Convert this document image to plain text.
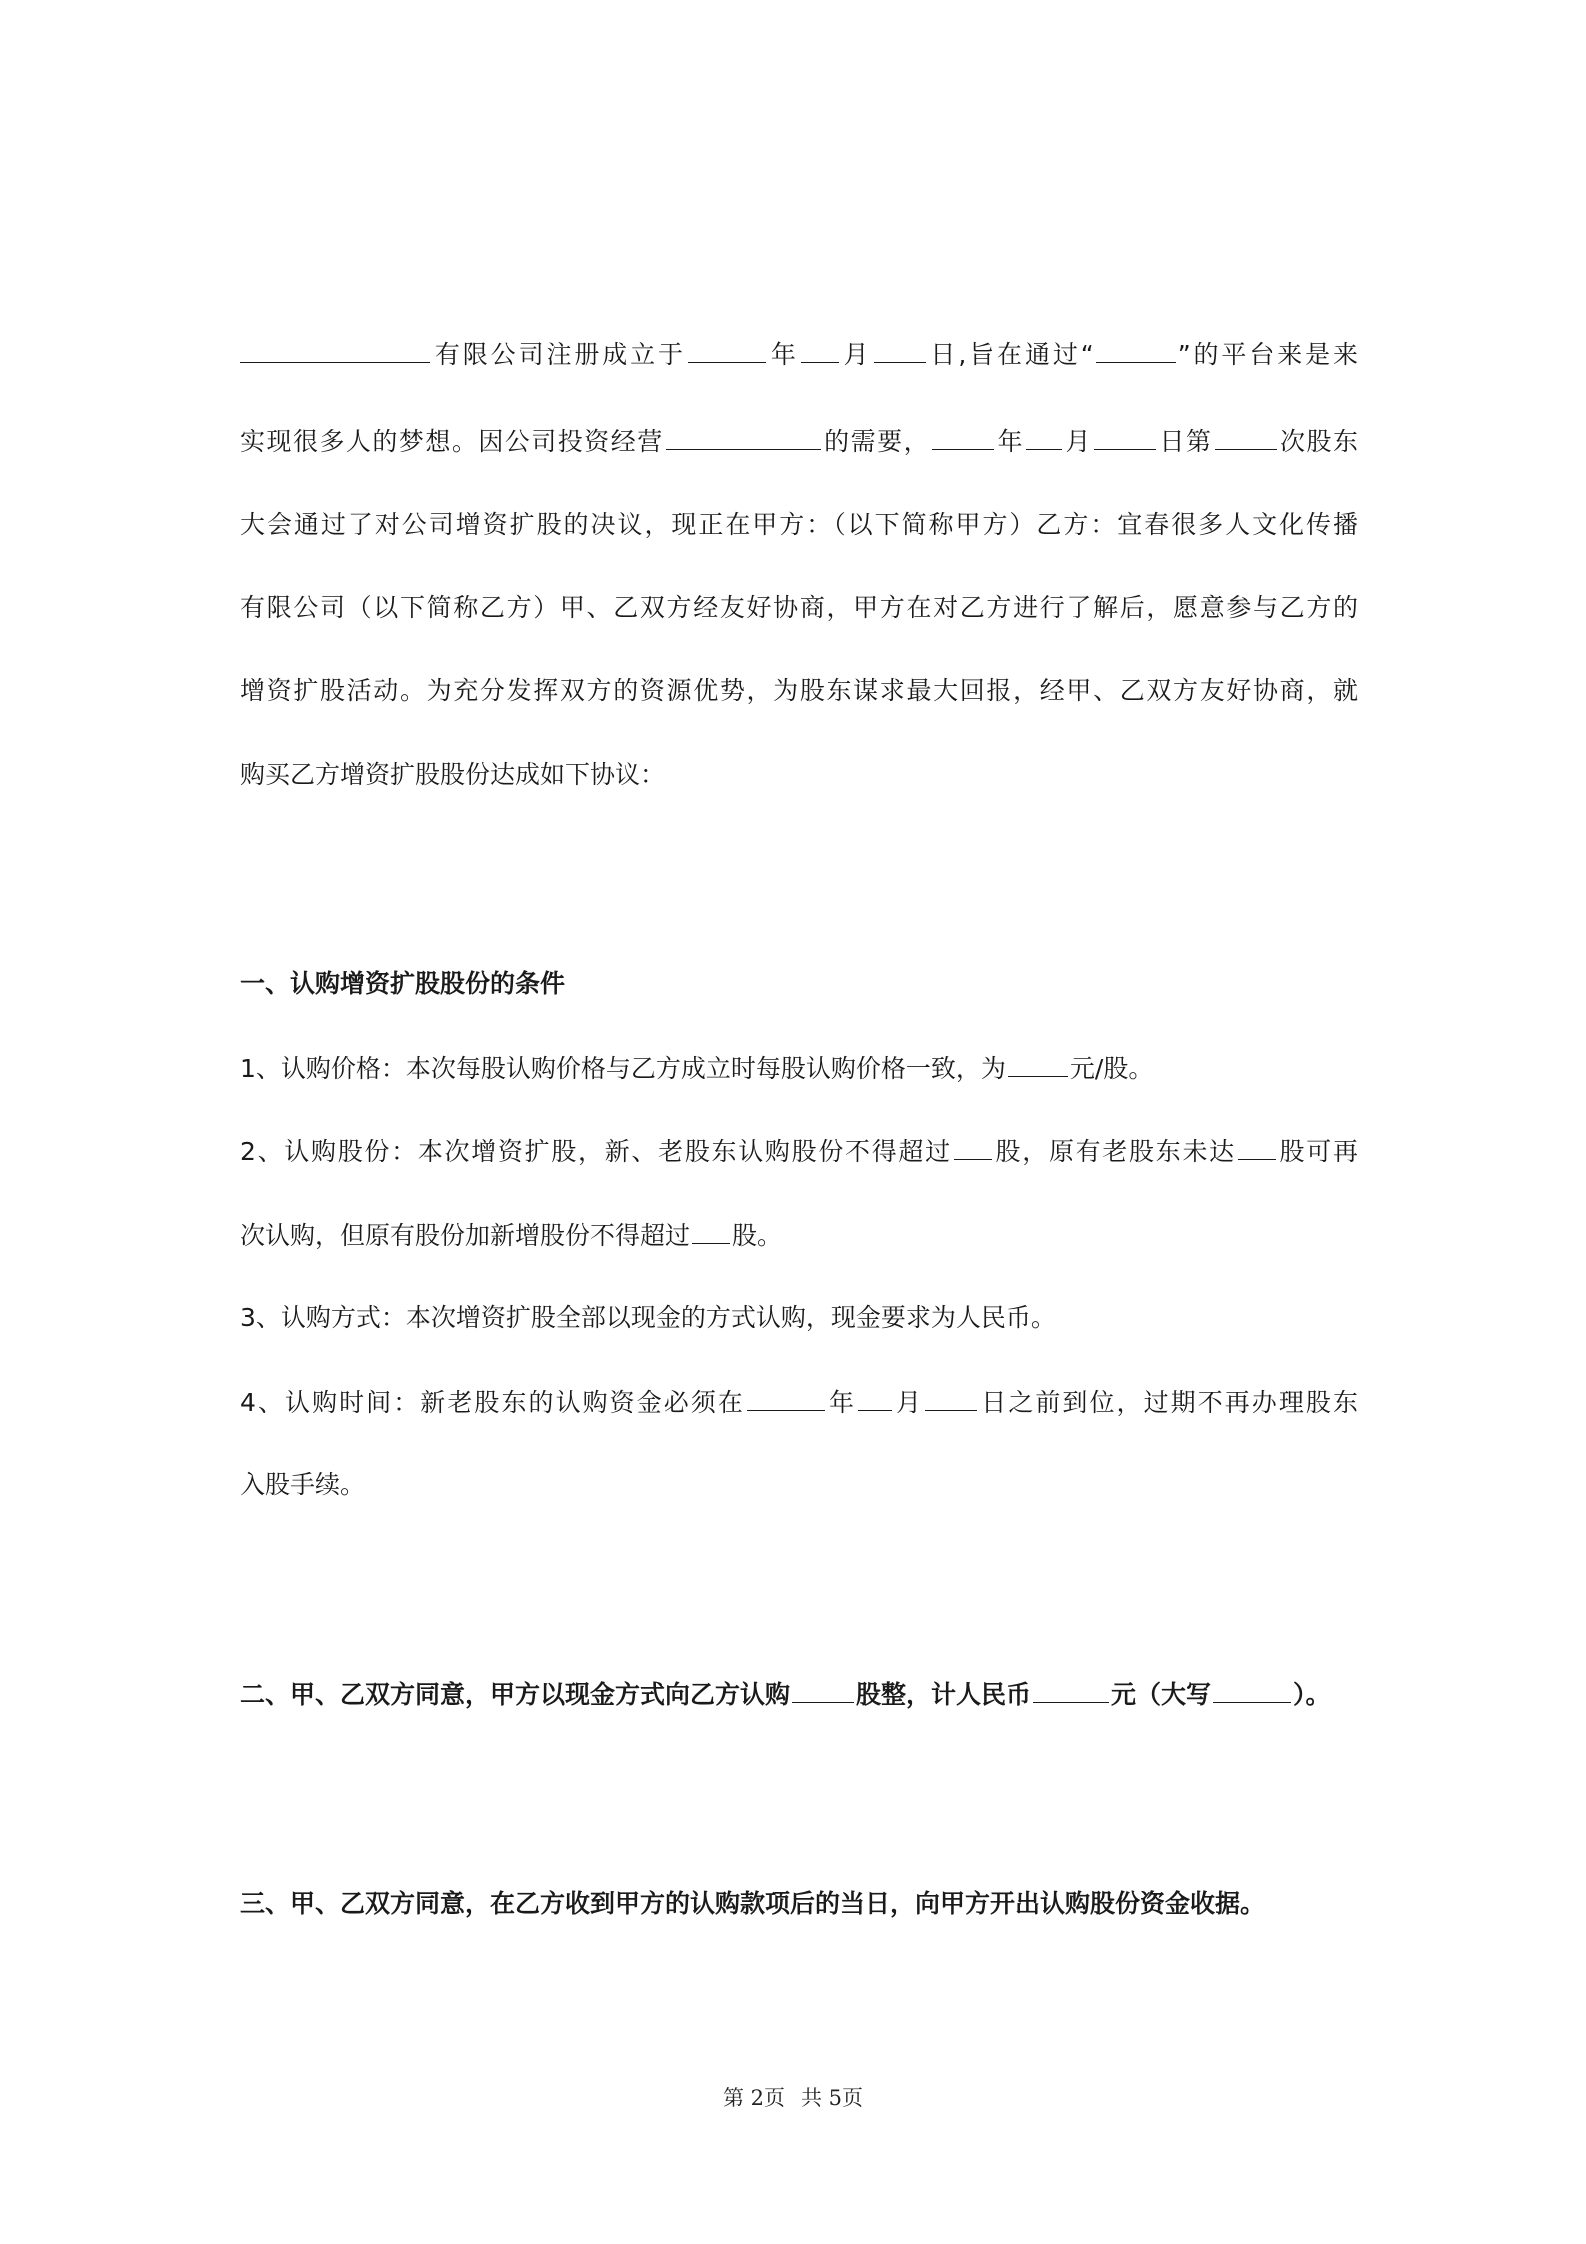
有限公司注册成立于	年 月 日,旨在通过“	”的平台来是来
实现很多人的梦想。因公司投资经营	的需要，	年 月	日第	次股东
大会通过了对公司增资扩股的决议，现正在甲方：（以下简称甲方）乙方：宜春很多人文化传播
有限公司（以下简称乙方）甲、乙双方经友好协商，甲方在对乙方进行了解后，愿意参与乙方的
增资扩股活动。为充分发挥双方的资源优势，为股东谋求最大回报，经甲、乙双方友好协商，就
购买乙方增资扩股股份达成如下协议：
一、认购增资扩股股份的条件
1、认购价格：本次每股认购价格与乙方成立时每股认购价格一致，为	元/股。
2、认购股份：本次增资扩股，新、老股东认购股份不得超过 股，原有老股东未达 股可再
次认购，但原有股份加新增股份不得超过 股。
3、认购方式：本次增资扩股全部以现金的方式认购，现金要求为人民币。
4、认购时间：新老股东的认购资金必须在	年 月 日之前到位，过期不再办理股东
入股手续。
二、甲、乙双方同意，甲方以现金方式向乙方认购	股整，计人民币	元（大写	）。
三、甲、乙双方同意，在乙方收到甲方的认购款项后的当日，向甲方开出认购股份资金收据。
第 2页 共 5页
